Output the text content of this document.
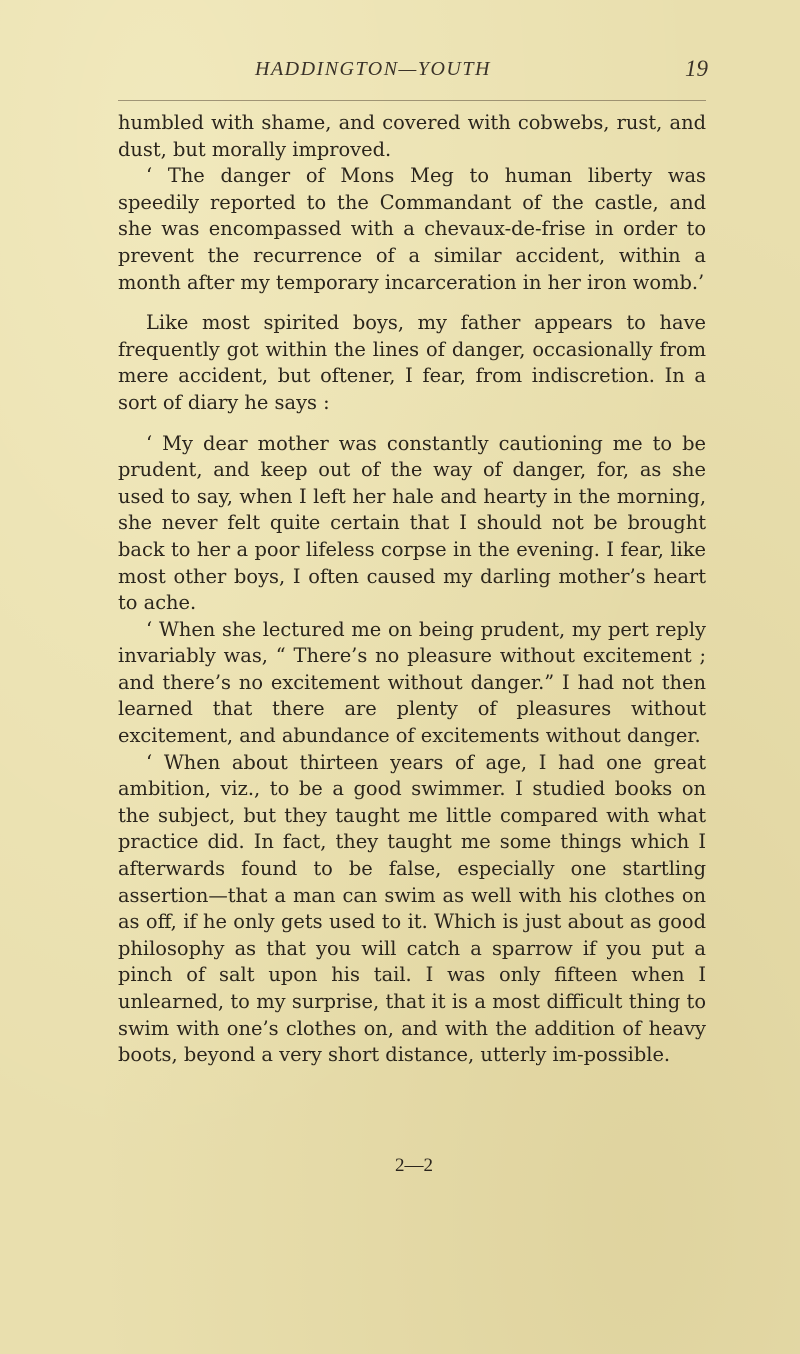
HADDINGTON—YOUTH	19

humbled with shame, and covered with cobwebs, rust, and dust, but morally improved.

‘ The danger of Mons Meg to human liberty was speedily reported to the Commandant of the castle, and she was encompassed with a chevaux-de-frise in order to prevent the recurrence of a similar accident, within a month after my temporary incarceration in her iron womb.’

Like most spirited boys, my father appears to have frequently got within the lines of danger, occasionally from mere accident, but oftener, I fear, from indiscretion. In a sort of diary he says :

‘ My dear mother was constantly cautioning me to be prudent, and keep out of the way of danger, for, as she used to say, when I left her hale and hearty in the morning, she never felt quite certain that I should not be brought back to her a poor lifeless corpse in the evening. I fear, like most other boys, I often caused my darling mother’s heart to ache.

‘ When she lectured me on being prudent, my pert reply invariably was, “ There’s no pleasure without excitement ; and there’s no excitement without danger.” I had not then learned that there are plenty of pleasures without excitement, and abundance of excitements without danger.

‘ When about thirteen years of age, I had one great ambition, viz., to be a good swimmer. I studied books on the subject, but they taught me little compared with what practice did. In fact, they taught me some things which I afterwards found to be false, especially one startling assertion—that a man can swim as well with his clothes on as off, if he only gets used to it. Which is just about as good philosophy as that you will catch a sparrow if you put a pinch of salt upon his tail. I was only fifteen when I unlearned, to my surprise, that it is a most difficult thing to swim with one’s clothes on, and with the addition of heavy boots, beyond a very short distance, utterly im-possible.

2—2
